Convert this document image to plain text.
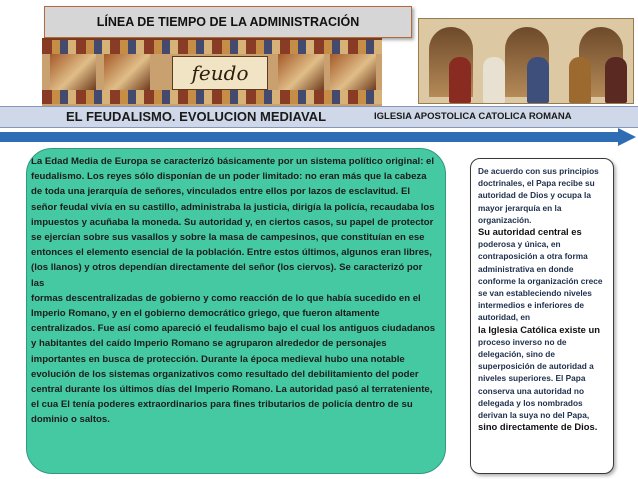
LÍNEA DE TIEMPO DE LA ADMINISTRACIÓN
feudo
EL FEUDALISMO. EVOLUCION MEDIAVAL	IGLESIA APOSTOLICA CATOLICA ROMANA

La Edad Media de Europa se caracterizó básicamente por un sistema político original: el feudalismo. Los reyes sólo disponían de un poder limitado: no eran más que la cabeza de toda una jerarquía de señores, vinculados entre ellos por lazos de esclavitud. El señor feudal vivía en su castillo, administraba la justicia, dirigía la policía, recaudaba los impuestos y acuñaba la moneda. Su autoridad y, en ciertos casos, su papel de protector se ejercían sobre sus vasallos y sobre la masa de campesinos, que constituían en ese entonces el elemento esencial de la población. Entre estos últimos, algunos eran libres, (los llanos) y otros dependían directamente del señor (los ciervos). Se caracterizó por las

formas descentralizadas de gobierno y como reacción de lo que había sucedido en el Imperio Romano, y en el gobierno democrático griego, que fueron altamente centralizados. Fue así como apareció el feudalismo bajo el cual los antiguos ciudadanos y habitantes del caído Imperio Romano se agruparon alrededor de personajes importantes en busca de protección. Durante la época medieval hubo una notable evolución de los sistemas organizativos como resultado del debilitamiento del poder central durante los últimos días del Imperio Romano. La autoridad pasó al terrateniente, el cua El tenía poderes extraordinarios para fines tributarios de policía dentro de su dominio o saltos.

De acuerdo con sus principios doctrinales, el Papa recibe su autoridad de Dios y ocupa la mayor jerarquía en la organización.

Su autoridad central es

poderosa y única, en contraposición a otra forma administrativa en donde conforme la organización crece se van estableciendo niveles intermedios e inferiores de autoridad, en

la Iglesia Católica existe un

proceso inverso no de delegación, sino de superposición de autoridad a niveles superiores. El Papa conserva una autoridad no delegada y los nombrados derivan la suya no del Papa,

sino directamente de Dios.
